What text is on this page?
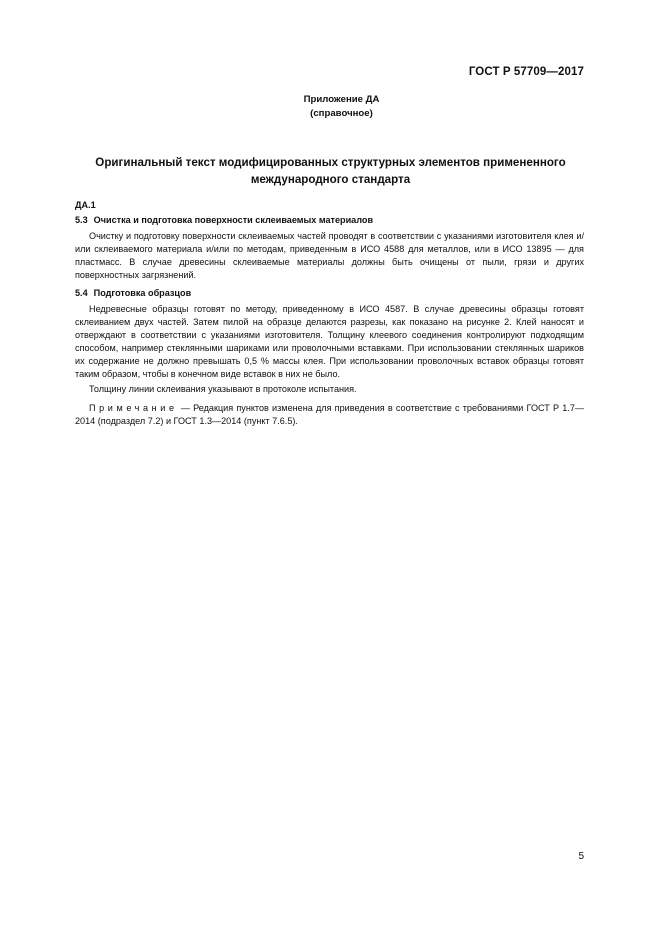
ГОСТ Р 57709—2017
Приложение ДА
(справочное)
Оригинальный текст модифицированных структурных элементов примененного
международного стандарта

ДА.1

5.3 Очистка и подготовка поверхности склеиваемых материалов

Очистку и подготовку поверхности склеиваемых частей проводят в соответствии с указаниями изготовителя клея и/или склеиваемого материала и/или по методам, приведенным в ИСО 4588 для металлов, или в ИСО 13895 — для пластмасс. В случае древесины склеиваемые материалы должны быть очищены от пыли, грязи и других поверхностных загрязнений.

5.4 Подготовка образцов

Недревесные образцы готовят по методу, приведенному в ИСО 4587. В случае древесины образцы готовят склеиванием двух частей. Затем пилой на образце делаются разрезы, как показано на рисунке 2. Клей наносят и отверждают в соответствии с указаниями изготовителя. Толщину клеевого соединения контролируют подходящим способом, например стеклянными шариками или проволочными вставками. При использовании стеклянных шариков их содержание не должно превышать 0,5 % массы клея. При использовании проволочных вставок образцы готовят таким образом, чтобы в конечном виде вставок в них не было.

Толщину линии склеивания указывают в протоколе испытания.

Примечание — Редакция пунктов изменена для приведения в соответствие с требованиями ГОСТ Р 1.7—2014 (подраздел 7.2) и ГОСТ 1.3—2014 (пункт 7.6.5).

5
